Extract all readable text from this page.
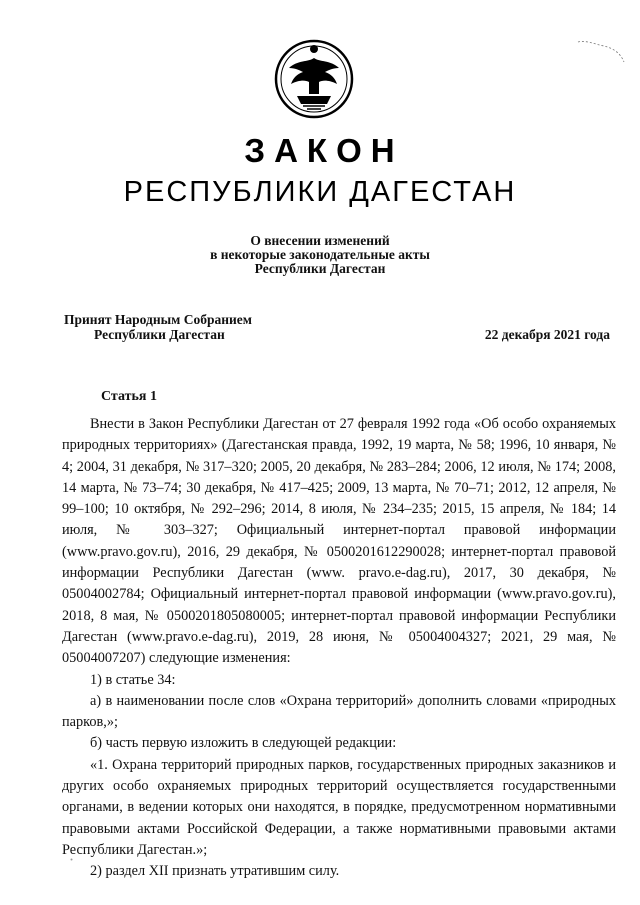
ЗАКОН
РЕСПУБЛИКИ ДАГЕСТАН
О внесении изменений
в некоторые законодательные акты
Республики Дагестан
Принят Народным Собранием
Республики Дагестан	22 декабря 2021 года
Статья 1

Внести в Закон Республики Дагестан от 27 февраля 1992 года «Об особо охраняемых природных территориях» (Дагестанская правда, 1992, 19 марта, № 58; 1996, 10 января, № 4; 2004, 31 декабря, № 317–320; 2005, 20 декабря, № 283–284; 2006, 12 июля, № 174; 2008, 14 марта, № 73–74; 30 декабря, № 417–425; 2009, 13 марта, № 70–71; 2012, 12 апреля, № 99–100; 10 октября, № 292–296; 2014, 8 июля, № 234–235; 2015, 15 апреля, № 184; 14 июля, № 303–327; Официальный интернет-портал правовой информации (www.pravo.gov.ru), 2016, 29 декабря, № 0500201612290028; интернет-портал правовой информации Республики Дагестан (www. pravo.e-dag.ru), 2017, 30 декабря, № 05004002784; Официальный интернет-портал правовой информации (www.pravo.gov.ru), 2018, 8 мая, № 0500201805080005; интернет-портал правовой информации Республики Дагестан (www.pravo.e-dag.ru), 2019, 28 июня, № 05004004327; 2021, 29 мая, № 05004007207) следующие изменения:

1) в статье 34:

а) в наименовании после слов «Охрана территорий» дополнить словами «природных парков,»;

б) часть первую изложить в следующей редакции:

«1. Охрана территорий природных парков, государственных природных заказников и других особо охраняемых природных территорий осуществляется государственными органами, в ведении которых они находятся, в порядке, предусмотренном нормативными правовыми актами Российской Федерации, а также нормативными правовыми актами Республики Дагестан.»;

2) раздел XII признать утратившим силу.
